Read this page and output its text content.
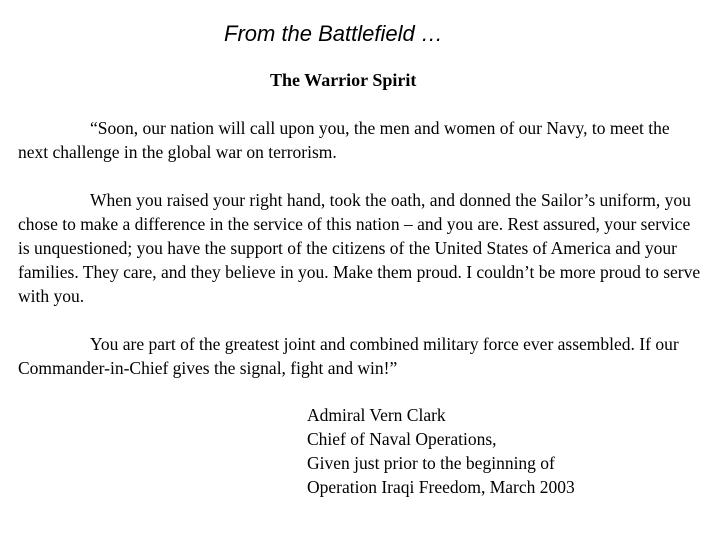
From the Battlefield …
The Warrior Spirit

“Soon, our nation will call upon you, the men and women of our Navy, to meet the next challenge in the global war on terrorism.

When you raised your right hand, took the oath, and donned the Sailor’s uniform, you chose to make a difference in the service of this nation – and you are. Rest assured, your service is unquestioned; you have the support of the citizens of the United States of America and your families. They care, and they believe in you. Make them proud. I couldn’t be more proud to serve with you.

You are part of the greatest joint and combined military force ever assembled. If our Commander-in-Chief gives the signal, fight and win!”

Admiral Vern Clark
Chief of Naval Operations,
Given just prior to the beginning of
Operation Iraqi Freedom, March 2003
